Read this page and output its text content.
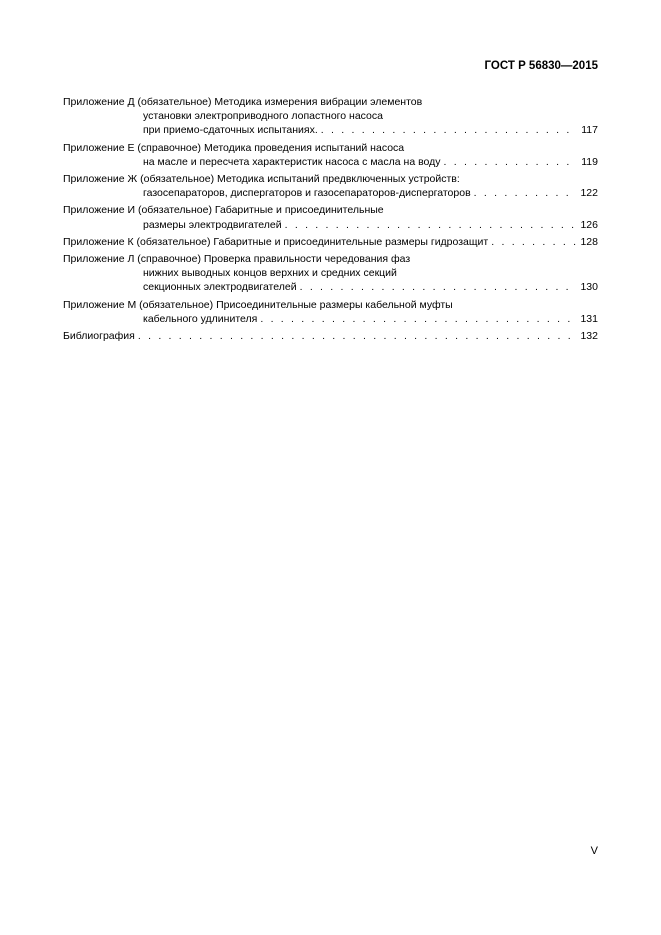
ГОСТ Р 56830—2015
Приложение Д (обязательное) Методика измерения вибрации элементов
установки электроприводного лопастного насоса
при приемо-сдаточных испытаниях. . . .	117
Приложение Е (справочное) Методика проведения испытаний насоса
на масле и пересчета характеристик насоса с масла на воду . . .	119
Приложение Ж (обязательное) Методика испытаний предвключенных устройств:
газосепараторов, диспергаторов и газосепараторов-диспергаторов . . .	122
Приложение И (обязательное) Габаритные и присоединительные
размеры электродвигателей . . .	126
Приложение К (обязательное) Габаритные и присоединительные размеры гидрозащит . . .	128
Приложение Л (справочное) Проверка правильности чередования фаз
нижних выводных концов верхних и средних секций
секционных электродвигателей . . .	130
Приложение М (обязательное) Присоединительные размеры кабельной муфты
кабельного удлинителя . . .	131
Библиография . . .	132
V
